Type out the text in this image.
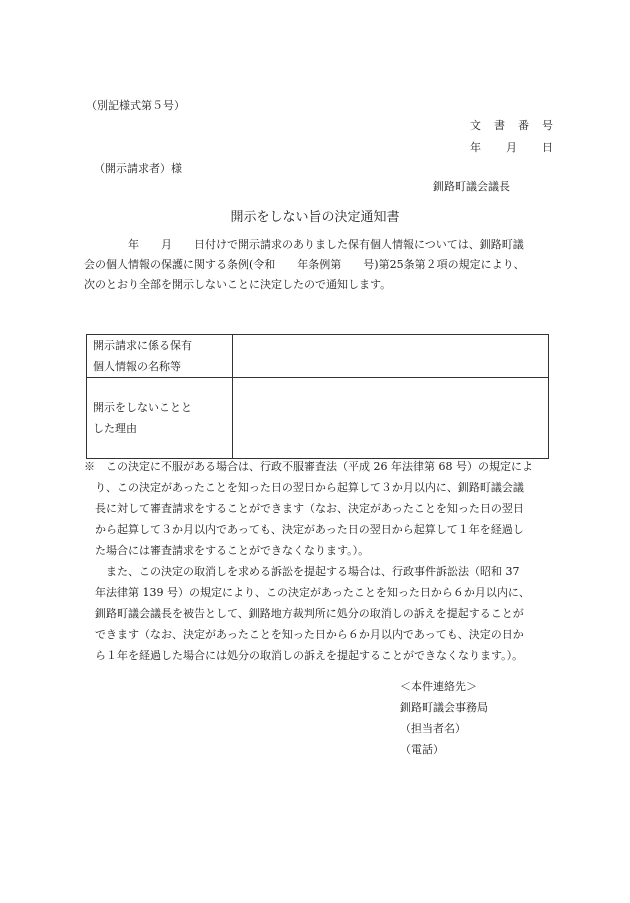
（別記様式第５号）

文　書　番　号

年　　月　　日

（開示請求者）様

釧路町議会議長

開示をしない旨の決定通知書

　　　　年　　月　　日付けで開示請求のありました保有個人情報については、釧路町議
会の個人情報の保護に関する条例(令和　　年条例第　　号)第25条第２項の規定により、
次のとおり全部を開示しないことに決定したので通知します。
開示請求に係る保有
個人情報の名称等	

開示をしないことと
した理由	

※　この決定に不服がある場合は、行政不服審査法（平成 26 年法律第 68 号）の規定によ
　り、この決定があったことを知った日の翌日から起算して３か月以内に、釧路町議会議
　長に対して審査請求をすることができます（なお、決定があったことを知った日の翌日
　から起算して３か月以内であっても、決定があった日の翌日から起算して１年を経過し
　た場合には審査請求をすることができなくなります。）。
　　また、この決定の取消しを求める訴訟を提起する場合は、行政事件訴訟法（昭和 37
　年法律第 139 号）の規定により、この決定があったことを知った日から６か月以内に、
　釧路町議会議長を被告として、釧路地方裁判所に処分の取消しの訴えを提起することが
　できます（なお、決定があったことを知った日から６か月以内であっても、決定の日か
　ら１年を経過した場合には処分の取消しの訴えを提起することができなくなります。）。
＜本件連絡先＞
釧路町議会事務局
（担当者名）
（電話）
